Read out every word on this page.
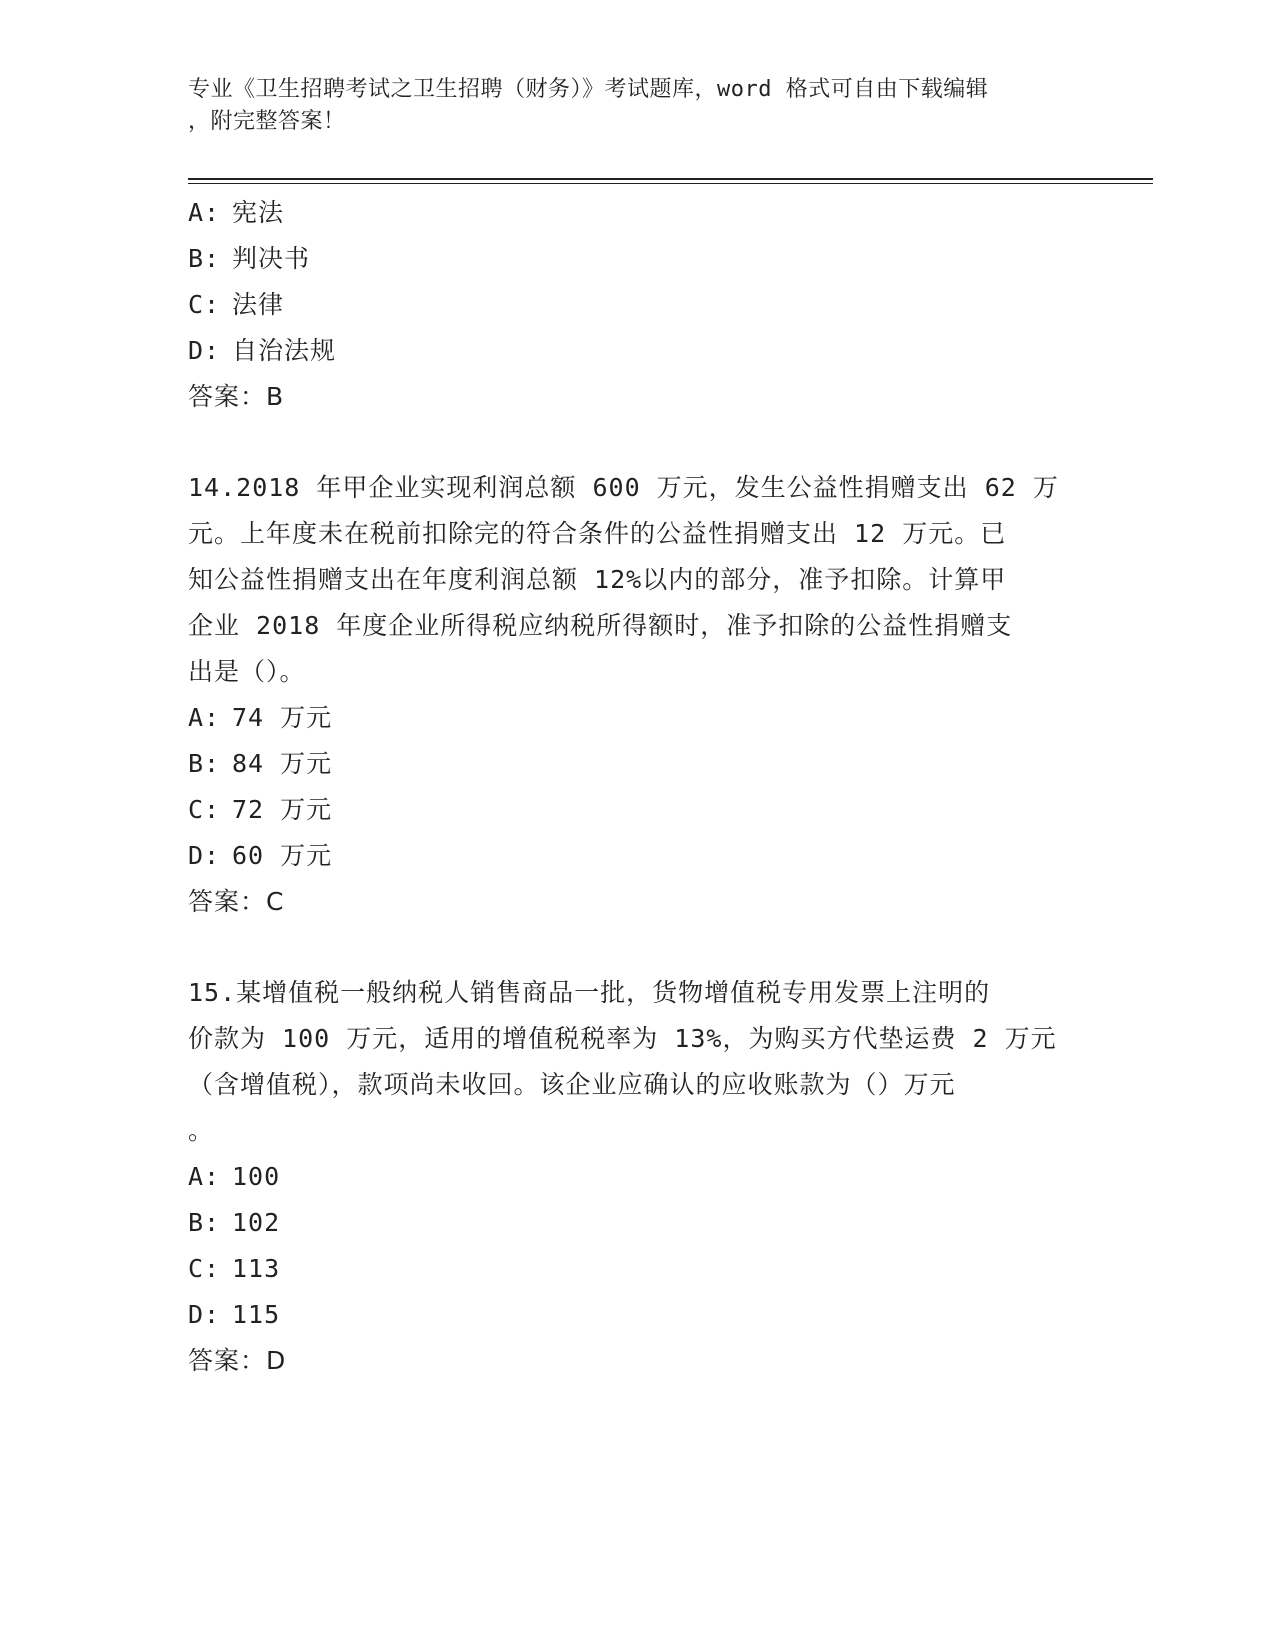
专业《卫生招聘考试之卫生招聘（财务）》考试题库，word 格式可自由下载编辑
，附完整答案！
A: 宪法
B: 判决书
C: 法律
D: 自治法规
答案：B
14.2018 年甲企业实现利润总额 600 万元，发生公益性捐赠支出 62 万
元。上年度未在税前扣除完的符合条件的公益性捐赠支出 12 万元。已
知公益性捐赠支出在年度利润总额 12%以内的部分，准予扣除。计算甲
企业 2018 年度企业所得税应纳税所得额时，准予扣除的公益性捐赠支
出是（）。
A: 74 万元
B: 84 万元
C: 72 万元
D: 60 万元
答案：C
15.某增值税一般纳税人销售商品一批，货物增值税专用发票上注明的
价款为 100 万元，适用的增值税税率为 13%，为购买方代垫运费 2 万元
（含增值税），款项尚未收回。该企业应确认的应收账款为（）万元
。
A: 100
B: 102
C: 113
D: 115
答案：D
